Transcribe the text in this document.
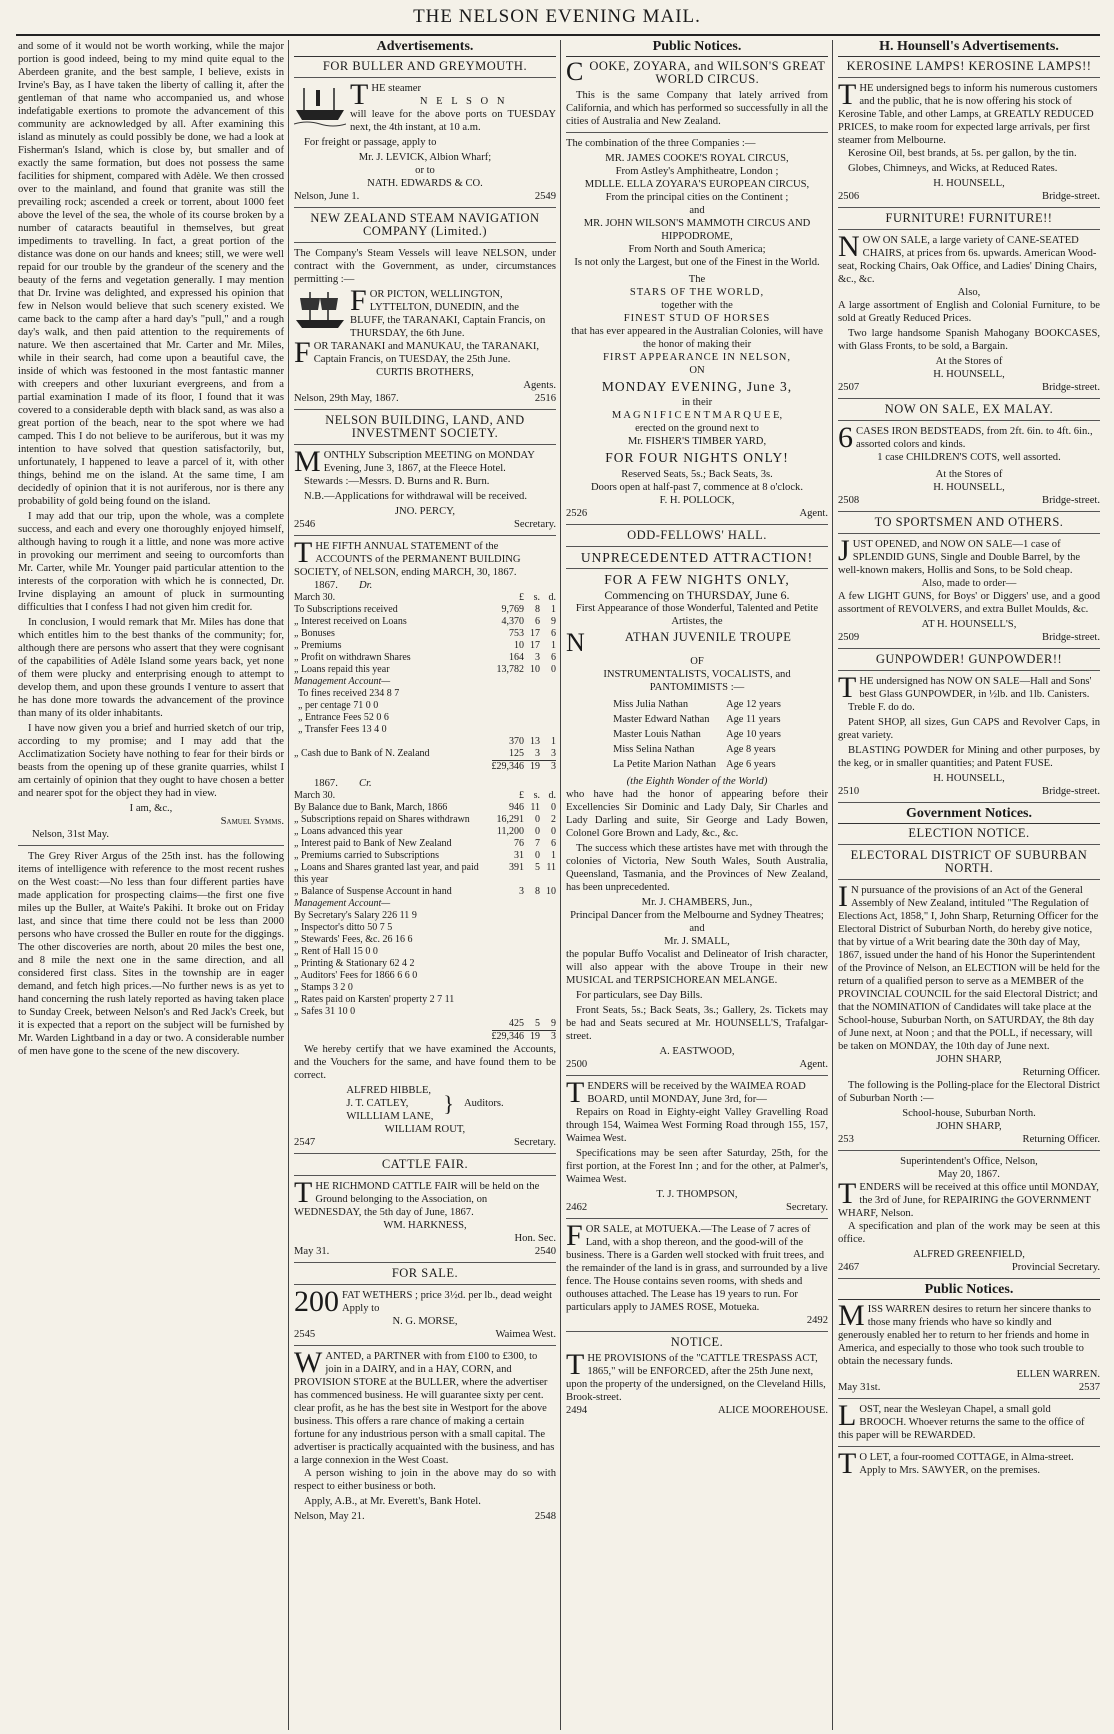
THE NELSON EVENING MAIL.

and some of it would not be worth working, while the major portion is good indeed, being to my mind quite equal to the Aberdeen granite, and the best sample, I believe, exists in Irvine's Bay, as I have taken the liberty of calling it, after the gentleman of that name who accompanied us, and whose indefatigable exertions to promote the advancement of this community are acknowledged by all. After examining this island as minutely as could possibly be done, we had a look at Fisherman's Island, which is close by, but smaller and of exactly the same formation, but does not possess the same facilities for shipment, compared with Adèle. We then crossed over to the mainland, and found that granite was still the prevailing rock; ascended a creek or torrent, about 1000 feet above the level of the sea, the whole of its course broken by a number of cataracts beautiful in themselves, but great impediments to travelling. In fact, a great portion of the distance was done on our hands and knees; still, we were well repaid for our trouble by the grandeur of the scenery and the beauty of the ferns and vegetation generally. I may mention that Dr. Irvine was delighted, and expressed his opinion that few in Nelson would believe that such scenery existed. We came back to the camp after a hard day's "pull," and a rough day's walk, and then paid attention to the requirements of nature. We then ascertained that Mr. Carter and Mr. Miles, while in their search, had come upon a beautiful cave, the inside of which was festooned in the most fantastic manner with creepers and other luxuriant evergreens, and from a partial examination I made of its floor, I found that it was covered to a considerable depth with black sand, as was also a great portion of the beach, near to the spot where we had camped. This I do not believe to be auriferous, but it was my intention to have solved that question satisfactorily, but, unfortunately, I happened to leave a parcel of it, with other things, behind me on the island. At the same time, I am decidedly of opinion that it is not auriferous, nor is there any probability of gold being found on the island.

I may add that our trip, upon the whole, was a complete success, and each and every one thoroughly enjoyed himself, although having to rough it a little, and none was more active in provoking our merriment and seeing to ourcomforts than Mr. Carter, while Mr. Younger paid particular attention to the interests of the corporation with which he is connected, Dr. Irvine displaying an amount of pluck in surmounting difficulties that I confess I had not given him credit for.

In conclusion, I would remark that Mr. Miles has done that which entitles him to the best thanks of the community; for, although there are persons who assert that they were cognisant of the capabilities of Adèle Island some years back, yet none of them were plucky and enterprising enough to attempt to develop them, and upon these grounds I venture to assert that he has done more towards the advancement of the province than many of its older inhabitants.

I have now given you a brief and hurried sketch of our trip, according to my promise; and I may add that the Acclimatization Society have nothing to fear for their birds or beasts from the opening up of these granite quarries, whilst I am certainly of opinion that they ought to have chosen a better and nearer spot for the object they had in view.

I am, &c.,
Samuel Symms.
Nelson, 31st May.

The Grey River Argus of the 25th inst. has the following items of intelligence with reference to the most recent rushes on the West coast:—No less than four different parties have made application for prospecting claims—the first one five miles up the Buller, at Waite's Pakihi. It broke out on Friday last, and since that time there could not be less than 2000 persons who have crossed the Buller en route for the diggings. The other discoveries are north, about 20 miles the best one, and 8 mile the next one in the same direction, and all considered first class. Sites in the township are in eager demand, and fetch high prices.—No further news is as yet to hand concerning the rush lately reported as having taken place to Sunday Creek, between Nelson's and Red Jack's Creek, but it is expected that a report on the subject will be furnished by Mr. Warden Lightband in a day or two. A considerable number of men have gone to the scene of the new discovery.

Advertisements.
FOR BULLER AND GREYMOUTH.
THE steamer
N E L S O N

will leave for the above ports on TUESDAY next, the 4th instant, at 10 a.m.

For freight or passage, apply to

Mr. J. LEVICK, Albion Wharf;
or to
NATH. EDWARDS & CO.
Nelson, June 1.	2549
NEW ZEALAND STEAM NAVIGATION COMPANY (Limited.)

The Company's Steam Vessels will leave NELSON, under contract with the Government, as under, circumstances permitting :—

FOR PICTON, WELLINGTON, LYTTELTON, DUNEDIN, and the BLUFF, the TARANAKI, Captain Francis, on THURSDAY, the 6th June.
FOR TARANAKI and MANUKAU, the TARANAKI, Captain Francis, on TUESDAY, the 25th June.
CURTIS BROTHERS,
Agents.
Nelson, 29th May, 1867.	2516
NELSON BUILDING, LAND, AND INVESTMENT SOCIETY.
MONTHLY Subscription MEETING on MONDAY Evening, June 3, 1867, at the Fleece Hotel.

Stewards :—Messrs. D. Burns and R. Burn.

N.B.—Applications for withdrawal will be received.

JNO. PERCY,
2546	Secretary.
THE FIFTH ANNUAL STATEMENT of the ACCOUNTS of the PERMANENT BUILDING SOCIETY, of NELSON, ending MARCH, 30, 1867.
1867. Dr.
March 30.	£	s.	d.
To Subscriptions received	9,769	8	1
„ Interest received on Loans	4,370	6	9
„ Bonuses	753	17	6
„ Premiums	10	17	1
„ Profit on withdrawn Shares	164	3	6
„ Loans repaid this year	13,782	10	0
Management Account—			
To fines received 234 8 7			
„ per centage 71 0 0			
„ Entrance Fees 52 0 6			
„ Transfer Fees 13 4 0			
	370	13	1
„ Cash due to Bank of N. Zealand	125	3	3
	£29,346	19	3
1867. Cr.
March 30.	£	s.	d.
By Balance due to Bank, March, 1866	946	11	0
„ Subscriptions repaid on Shares withdrawn	16,291	0	2
„ Loans advanced this year	11,200	0	0
„ Interest paid to Bank of New Zealand	76	7	6
„ Premiums carried to Subscriptions	31	0	1
„ Loans and Shares granted last year, and paid this year	391	5	11
„ Balance of Suspense Account in hand	3	8	10
Management Account—			
By Secretary's Salary 226 11 9			
„ Inspector's ditto 50 7 5			
„ Stewards' Fees, &c. 26 16 6			
„ Rent of Hall 15 0 0			
„ Printing & Stationary 62 4 2			
„ Auditors' Fees for 1866 6 6 0			
„ Stamps 3 2 0			
„ Rates paid on Karsten' property 2 7 11			
„ Safes 31 10 0			
	425	5	9
	£29,346	19	3

We hereby certify that we have examined the Accounts, and the Vouchers for the same, and have found them to be correct.

ALFRED HIBBLE,
J. T. CATLEY,
WILLLIAM LANE,
} Auditors.
WILLIAM ROUT,
2547	Secretary.
CATTLE FAIR.
THE RICHMOND CATTLE FAIR will be held on the Ground belonging to the Association, on WEDNESDAY, the 5th day of June, 1867.
WM. HARKNESS,
Hon. Sec.
May 31.	2540
FOR SALE.
200 FAT WETHERS ; price 3½d. per lb., dead weight Apply to
N. G. MORSE,
2545	Waimea West.
WANTED, a PARTNER with from £100 to £300, to join in a DAIRY, and in a HAY, CORN, and PROVISION STORE at the BULLER, where the advertiser has commenced business. He will guarantee sixty per cent. clear profit, as he has the best site in Westport for the above business. This offers a rare chance of making a certain fortune for any industrious person with a small capital. The advertiser is practically acquainted with the business, and has a large connexion in the West Coast.

A person wishing to join in the above may do so with respect to either business or both.

Apply, A.B., at Mr. Everett's, Bank Hotel.

Nelson, May 21.	2548
Public Notices.
COOKE, ZOYARA, and WILSON'S GREAT WORLD CIRCUS.

This is the same Company that lately arrived from California, and which has performed so successfully in all the cities of Australia and New Zealand.

The combination of the three Companies :—

MR. JAMES COOKE'S ROYAL CIRCUS,
From Astley's Amphitheatre, London ;
MDLLE. ELLA ZOYARA'S EUROPEAN CIRCUS,
From the principal cities on the Continent ;
and
MR. JOHN WILSON'S MAMMOTH CIRCUS AND HIPPODROME,
From North and South America;
Is not only the Largest, but one of the Finest in the World.
The
STARS OF THE WORLD,
together with the
FINEST STUD OF HORSES
that has ever appeared in the Australian Colonies, will have the honor of making their
FIRST APPEARANCE IN NELSON,
ON
MONDAY EVENING, June 3,
in their
M A G N I F I C E N T M A R Q U E E,
erected on the ground next to
Mr. FISHER'S TIMBER YARD,
FOR FOUR NIGHTS ONLY!
Reserved Seats, 5s.; Back Seats, 3s.
Doors open at half-past 7, commence at 8 o'clock.
F. H. POLLOCK,
2526	Agent.
ODD-FELLOWS' HALL.
UNPRECEDENTED ATTRACTION!
FOR A FEW NIGHTS ONLY,
Commencing on THURSDAY, June 6.
First Appearance of those Wonderful, Talented and Petite Artistes, the
N	ATHAN JUVENILE TROUPE
OF
INSTRUMENTALISTS, VOCALISTS, and PANTOMIMISTS :—
Miss Julia Nathan	Age 12 years
Master Edward Nathan	Age 11 years
Master Louis Nathan	Age 10 years
Miss Selina Nathan	Age 8 years
La Petite Marion Nathan	Age 6 years
(the Eighth Wonder of the World)

who have had the honor of appearing before their Excellencies Sir Dominic and Lady Daly, Sir Charles and Lady Darling and suite, Sir George and Lady Bowen, Colonel Gore Brown and Lady, &c., &c.

The success which these artistes have met with through the colonies of Victoria, New South Wales, South Australia, Queensland, Tasmania, and the Provinces of New Zealand, has been unprecedented.

Mr. J. CHAMBERS, Jun.,
Principal Dancer from the Melbourne and Sydney Theatres; and
Mr. J. SMALL,

the popular Buffo Vocalist and Delineator of Irish character, will also appear with the above Troupe in their new MUSICAL and TERPSICHOREAN MELANGE.

For particulars, see Day Bills.

Front Seats, 5s.; Back Seats, 3s.; Gallery, 2s. Tickets may be had and Seats secured at Mr. HOUNSELL'S, Trafalgar-street.

A. EASTWOOD,
2500	Agent.
TENDERS will be received by the WAIMEA ROAD BOARD, until MONDAY, June 3rd, for—

Repairs on Road in Eighty-eight Valley Gravelling Road through 154, Waimea West Forming Road through 155, 157, Waimea West.

Specifications may be seen after Saturday, 25th, for the first portion, at the Forest Inn ; and for the other, at Palmer's, Waimea West.

T. J. THOMPSON,
2462	Secretary.
FOR SALE, at MOTUEKA.—The Lease of 7 acres of Land, with a shop thereon, and the good-will of the business. There is a Garden well stocked with fruit trees, and the remainder of the land is in grass, and surrounded by a live fence. The House contains seven rooms, with sheds and outhouses attached. The Lease has 19 years to run. For particulars apply to JAMES ROSE, Motueka.
2492
NOTICE.
THE PROVISIONS of the "CATTLE TRESPASS ACT, 1865," will be ENFORCED, after the 25th June next, upon the property of the undersigned, on the Cleveland Hills, Brook-street.
2494	ALICE MOOREHOUSE.
H. Hounsell's Advertisements.
KEROSINE LAMPS! KEROSINE LAMPS!!
THE undersigned begs to inform his numerous customers and the public, that he is now offering his stock of Kerosine Table, and other Lamps, at GREATLY REDUCED PRICES, to make room for expected large arrivals, per first steamer from Melbourne.

Kerosine Oil, best brands, at 5s. per gallon, by the tin.

Globes, Chimneys, and Wicks, at Reduced Rates.

H. HOUNSELL,
2506	Bridge-street.
FURNITURE! FURNITURE!!
NOW ON SALE, a large variety of CANE-SEATED CHAIRS, at prices from 6s. upwards. American Wood-seat, Rocking Chairs, Oak Office, and Ladies' Dining Chairs, &c., &c.
Also,

A large assortment of English and Colonial Furniture, to be sold at Greatly Reduced Prices.

Two large handsome Spanish Mahogany BOOKCASES, with Glass Fronts, to be sold, a Bargain.

At the Stores of
H. HOUNSELL,
2507	Bridge-street.
NOW ON SALE, EX MALAY.
6 CASES IRON BEDSTEADS, from 2ft. 6in. to 4ft. 6in., assorted colors and kinds.
1 case CHILDREN'S COTS, well assorted.
At the Stores of
H. HOUNSELL,
2508	Bridge-street.
TO SPORTSMEN AND OTHERS.
JUST OPENED, and NOW ON SALE—1 case of SPLENDID GUNS, Single and Double Barrel, by the well-known makers, Hollis and Sons, to be Sold cheap.
Also, made to order—

A few LIGHT GUNS, for Boys' or Diggers' use, and a good assortment of REVOLVERS, and extra Bullet Moulds, &c.

AT H. HOUNSELL'S,
2509	Bridge-street.
GUNPOWDER! GUNPOWDER!!
THE undersigned has NOW ON SALE—Hall and Sons' best Glass GUNPOWDER, in ½lb. and 1lb. Canisters.

Treble F. do do.

Patent SHOP, all sizes, Gun CAPS and Revolver Caps, in great variety.

BLASTING POWDER for Mining and other purposes, by the keg, or in smaller quantities; and Patent FUSE.

H. HOUNSELL,
2510	Bridge-street.
Government Notices.
ELECTION NOTICE.
ELECTORAL DISTRICT OF SUBURBAN NORTH.
I N pursuance of the provisions of an Act of the General Assembly of New Zealand, intituled "The Regulation of Elections Act, 1858," I, John Sharp, Returning Officer for the Electoral District of Suburban North, do hereby give notice, that by virtue of a Writ bearing date the 30th day of May, 1867, issued under the hand of his Honor the Superintendent of the Province of Nelson, an ELECTION will be held for the return of a qualified person to serve as a MEMBER of the PROVINCIAL COUNCIL for the said Electoral District; and that the NOMINATION of Candidates will take place at the School-house, Suburban North, on SATURDAY, the 8th day of June next, at Noon ; and that the POLL, if necessary, will be taken on MONDAY, the 10th day of June next.
JOHN SHARP,
Returning Officer.

The following is the Polling-place for the Electoral District of Suburban North :—

School-house, Suburban North.
JOHN SHARP,
253	Returning Officer.
Superintendent's Office, Nelson,
May 20, 1867.
TENDERS will be received at this office until MONDAY, the 3rd of June, for REPAIRING the GOVERNMENT WHARF, Nelson.

A specification and plan of the work may be seen at this office.

ALFRED GREENFIELD,
2467	Provincial Secretary.
Public Notices.
MISS WARREN desires to return her sincere thanks to those many friends who have so kindly and generously enabled her to return to her friends and home in America, and especially to those who took such trouble to obtain the necessary funds.
ELLEN WARREN.
May 31st.	2537
LOST, near the Wesleyan Chapel, a small gold BROOCH. Whoever returns the same to the office of this paper will be REWARDED.
T O LET, a four-roomed COTTAGE, in Alma-street. Apply to Mrs. SAWYER, on the premises.
